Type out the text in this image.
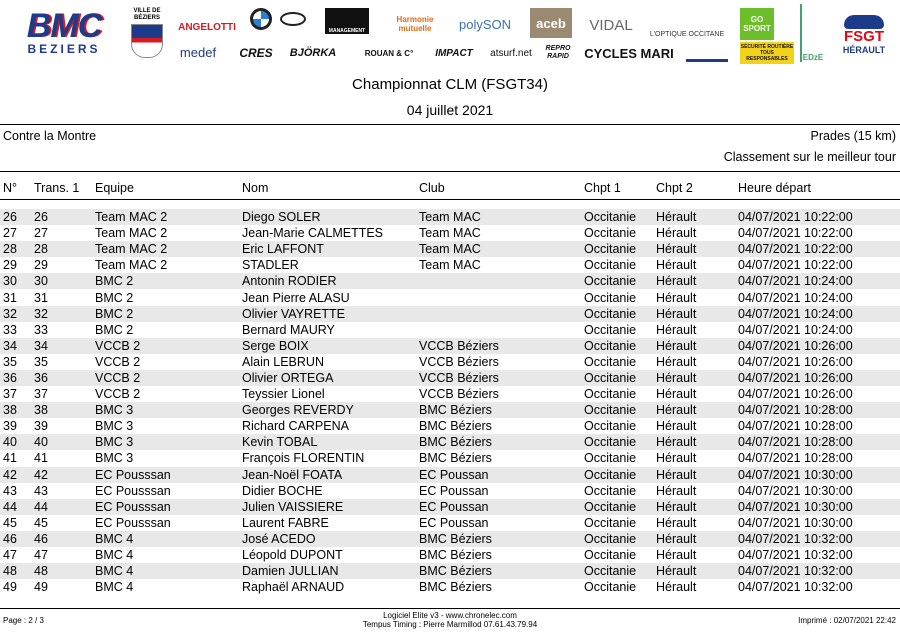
BMC
BEZIERS
VILLE DE BÉZIERS
ANGELOTTI	MANAGEMENT
Harmonie mutuelle	polySON	aceb	VIDAL
L'OPTIQUE OCCITANE
GO SPORT
EDzE
FSGT
HÉRAULT
medef	CRES	BJÖRKA	ROUAN & C°	IMPACT	atsurf.net	REPRO RAPID	CYCLES MARI	SÉCURITÉ ROUTIÈRE TOUS RESPONSABLES
Championnat CLM (FSGT34)
04 juillet 2021
Contre la Montre	Prades (15 km)
Classement sur le meilleur tour
N°	Trans. 1	Equipe	Nom	Club	Chpt 1	Chpt 2	Heure départ

26	26	Team MAC 2	Diego SOLER	Team MAC	Occitanie	Hérault	04/07/2021 10:22:00
27	27	Team MAC 2	Jean-Marie CALMETTES	Team MAC	Occitanie	Hérault	04/07/2021 10:22:00
28	28	Team MAC 2	Eric LAFFONT	Team MAC	Occitanie	Hérault	04/07/2021 10:22:00
29	29	Team MAC 2	STADLER	Team MAC	Occitanie	Hérault	04/07/2021 10:22:00
30	30	BMC 2	Antonin RODIER		Occitanie	Hérault	04/07/2021 10:24:00
31	31	BMC 2	Jean Pierre ALASU		Occitanie	Hérault	04/07/2021 10:24:00
32	32	BMC 2	Olivier VAYRETTE		Occitanie	Hérault	04/07/2021 10:24:00
33	33	BMC 2	Bernard MAURY		Occitanie	Hérault	04/07/2021 10:24:00
34	34	VCCB 2	Serge BOIX	VCCB Béziers	Occitanie	Hérault	04/07/2021 10:26:00
35	35	VCCB 2	Alain LEBRUN	VCCB Béziers	Occitanie	Hérault	04/07/2021 10:26:00
36	36	VCCB 2	Olivier ORTEGA	VCCB Béziers	Occitanie	Hérault	04/07/2021 10:26:00
37	37	VCCB 2	Teyssier Lionel	VCCB Béziers	Occitanie	Hérault	04/07/2021 10:26:00
38	38	BMC 3	Georges REVERDY	BMC Béziers	Occitanie	Hérault	04/07/2021 10:28:00
39	39	BMC 3	Richard CARPENA	BMC Béziers	Occitanie	Hérault	04/07/2021 10:28:00
40	40	BMC 3	Kevin TOBAL	BMC Béziers	Occitanie	Hérault	04/07/2021 10:28:00
41	41	BMC 3	François FLORENTIN	BMC Béziers	Occitanie	Hérault	04/07/2021 10:28:00
42	42	EC Pousssan	Jean-Noël FOATA	EC Poussan	Occitanie	Hérault	04/07/2021 10:30:00
43	43	EC Pousssan	Didier BOCHE	EC Poussan	Occitanie	Hérault	04/07/2021 10:30:00
44	44	EC Pousssan	Julien VAISSIERE	EC Poussan	Occitanie	Hérault	04/07/2021 10:30:00
45	45	EC Pousssan	Laurent FABRE	EC Poussan	Occitanie	Hérault	04/07/2021 10:30:00
46	46	BMC 4	José ACEDO	BMC Béziers	Occitanie	Hérault	04/07/2021 10:32:00
47	47	BMC 4	Léopold DUPONT	BMC Béziers	Occitanie	Hérault	04/07/2021 10:32:00
48	48	BMC 4	Damien JULLIAN	BMC Béziers	Occitanie	Hérault	04/07/2021 10:32:00
49	49	BMC 4	Raphaël ARNAUD	BMC Béziers	Occitanie	Hérault	04/07/2021 10:32:00
Page : 2 / 3
Logiciel Elite v3 - www.chronelec.com
Tempus Timing : Pierre Marmillod 07.61.43.79.94	Imprimé : 02/07/2021 22:42
